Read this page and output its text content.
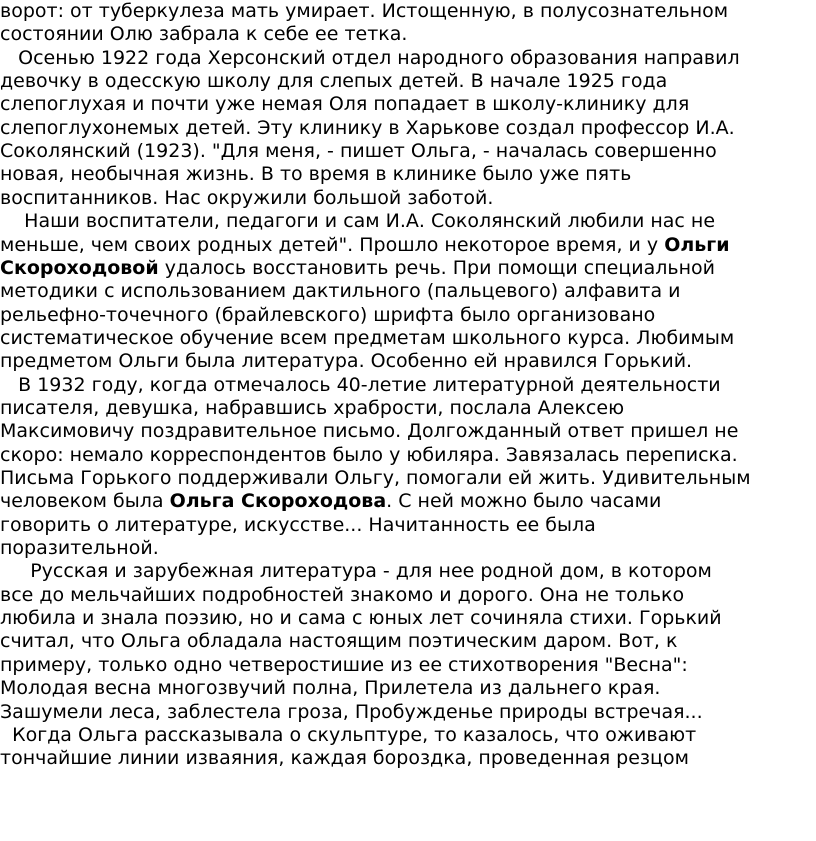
ворот: от туберкулеза мать умирает. Истощенную, в полусознательном
состоянии Олю забрала к себе ее тетка.
Осенью 1922 года Херсонский отдел народного образования направил
девочку в одесскую школу для слепых детей. В начале 1925 года
слепоглухая и почти уже немая Оля попадает в школу-клинику для
слепоглухонемых детей. Эту клинику в Харькове создал профессор И.А.
Соколянский (1923). "Для меня, - пишет Ольга, - началась совершенно
новая, необычная жизнь. В то время в клинике было уже пять
воспитанников. Нас окружили большой заботой.
Наши воспитатели, педагоги и сам И.А. Соколянский любили нас не
меньше, чем своих родных детей". Прошло некоторое время, и у Ольги
Скороходовой удалось восстановить речь. При помощи специальной
методики с использованием дактильного (пальцевого) алфавита и
рельефно-точечного (брайлевского) шрифта было организовано
систематическое обучение всем предметам школьного курса. Любимым
предметом Ольги была литература. Особенно ей нравился Горький.
В 1932 году, когда отмечалось 40-летие литературной деятельности
писателя, девушка, набравшись храбрости, послала Алексею
Максимовичу поздравительное письмо. Долгожданный ответ пришел не
скоро: немало корреспондентов было у юбиляра. Завязалась переписка.
Письма Горького поддерживали Ольгу, помогали ей жить. Удивительным
человеком была Ольга Скороходова. С ней можно было часами
говорить о литературе, искусстве... Начитанность ее была
поразительной.
Русская и зарубежная литература - для нее родной дом, в котором
все до мельчайших подробностей знакомо и дорого. Она не только
любила и знала поэзию, но и сама с юных лет сочиняла стихи. Горький
считал, что Ольга обладала настоящим поэтическим даром. Вот, к
примеру, только одно четверостишие из ее стихотворения "Весна":
Молодая весна многозвучий полна, Прилетела из дальнего края.
Зашумели леса, заблестела гроза, Пробужденье природы встречая...
Когда Ольга рассказывала о скульптуре, то казалось, что оживают
тончайшие линии изваяния, каждая бороздка, проведенная резцом
